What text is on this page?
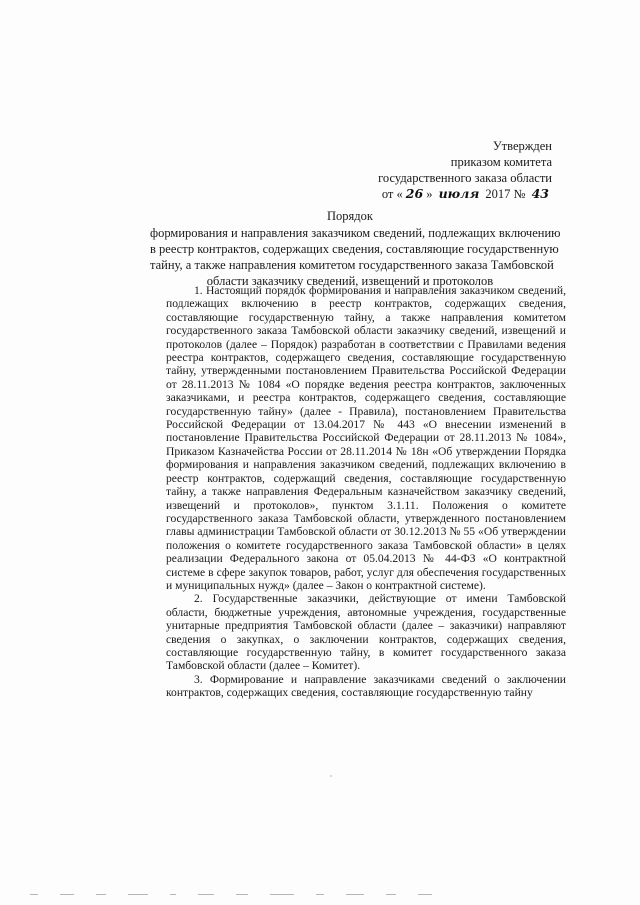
Утвержден
приказом комитета
государственного заказа области
от « 26 » июля 2017 № 43
Порядок
формирования и направления заказчиком сведений, подлежащих включению
в реестр контрактов, содержащих сведения, составляющие государственную
тайну, а также направления комитетом государственного заказа Тамбовской
области заказчику сведений, извещений и протоколов

1. Настоящий порядок формирования и направления заказчиком сведений, подлежащих включению в реестр контрактов, содержащих сведения, составляющие государственную тайну, а также направления комитетом государственного заказа Тамбовской области заказчику сведений, извещений и протоколов (далее – Порядок) разработан в соответствии с Правилами ведения реестра контрактов, содержащего сведения, составляющие государственную тайну, утвержденными постановлением Правительства Российской Федерации от 28.11.2013 № 1084 «О порядке ведения реестра контрактов, заключенных заказчиками, и реестра контрактов, содержащего сведения, составляющие государственную тайну» (далее - Правила), постановлением Правительства Российской Федерации от 13.04.2017 № 443 «О внесении изменений в постановление Правительства Российской Федерации от 28.11.2013 № 1084», Приказом Казначейства России от 28.11.2014 № 18н «Об утверждении Порядка формирования и направления заказчиком сведений, подлежащих включению в реестр контрактов, содержащий сведения, составляющие государственную тайну, а также направления Федеральным казначейством заказчику сведений, извещений и протоколов», пунктом 3.1.11. Положения о комитете государственного заказа Тамбовской области, утвержденного постановлением главы администрации Тамбовской области от 30.12.2013 № 55 «Об утверждении положения о комитете государственного заказа Тамбовской области» в целях реализации Федерального закона от 05.04.2013 № 44-ФЗ «О контрактной системе в сфере закупок товаров, работ, услуг для обеспечения государственных и муниципальных нужд» (далее – Закон о контрактной системе).

2. Государственные заказчики, действующие от имени Тамбовской области, бюджетные учреждения, автономные учреждения, государственные унитарные предприятия Тамбовской области (далее – заказчики) направляют сведения о закупках, о заключении контрактов, содержащих сведения, составляющие государственную тайну, в комитет государственного заказа Тамбовской области (далее – Комитет).

3. Формирование и направление заказчиками сведений о заключении контрактов, содержащих сведения, составляющие государственную тайну
